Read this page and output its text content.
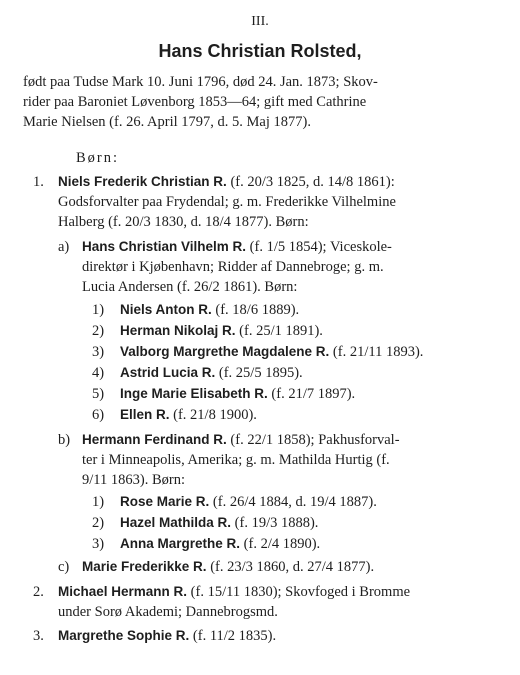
III.
Hans Christian Rolsted,
født paa Tudse Mark 10. Juni 1796, død 24. Jan. 1873; Skov-
rider paa Baroniet Løvenborg 1853—64; gift med Cathrine
Marie Nielsen (f. 26. April 1797, d. 5. Maj 1877).
Børn:
1. Niels Frederik Christian R. (f. 20/3 1825, d. 14/8 1861):
Godsforvalter paa Frydendal; g. m. Frederikke Vilhelmine
Halberg (f. 20/3 1830, d. 18/4 1877). Børn:
a) Hans Christian Vilhelm R. (f. 1/5 1854); Viceskole-
direktør i Kjøbenhavn; Ridder af Dannebroge; g. m.
Lucia Andersen (f. 26/2 1861). Børn:
1) Niels Anton R. (f. 18/6 1889).
2) Herman Nikolaj R. (f. 25/1 1891).
3) Valborg Margrethe Magdalene R. (f. 21/11 1893).
4) Astrid Lucia R. (f. 25/5 1895).
5) Inge Marie Elisabeth R. (f. 21/7 1897).
6) Ellen R. (f. 21/8 1900).
b) Hermann Ferdinand R. (f. 22/1 1858); Pakhusforval-
ter i Minneapolis, Amerika; g. m. Mathilda Hurtig (f.
9/11 1863). Børn:
1) Rose Marie R. (f. 26/4 1884, d. 19/4 1887).
2) Hazel Mathilda R. (f. 19/3 1888).
3) Anna Margrethe R. (f. 2/4 1890).
c) Marie Frederikke R. (f. 23/3 1860, d. 27/4 1877).
2. Michael Hermann R. (f. 15/11 1830); Skovfoged i Bromme
under Sorø Akademi; Dannebrogsmd.
3. Margrethe Sophie R. (f. 11/2 1835).
